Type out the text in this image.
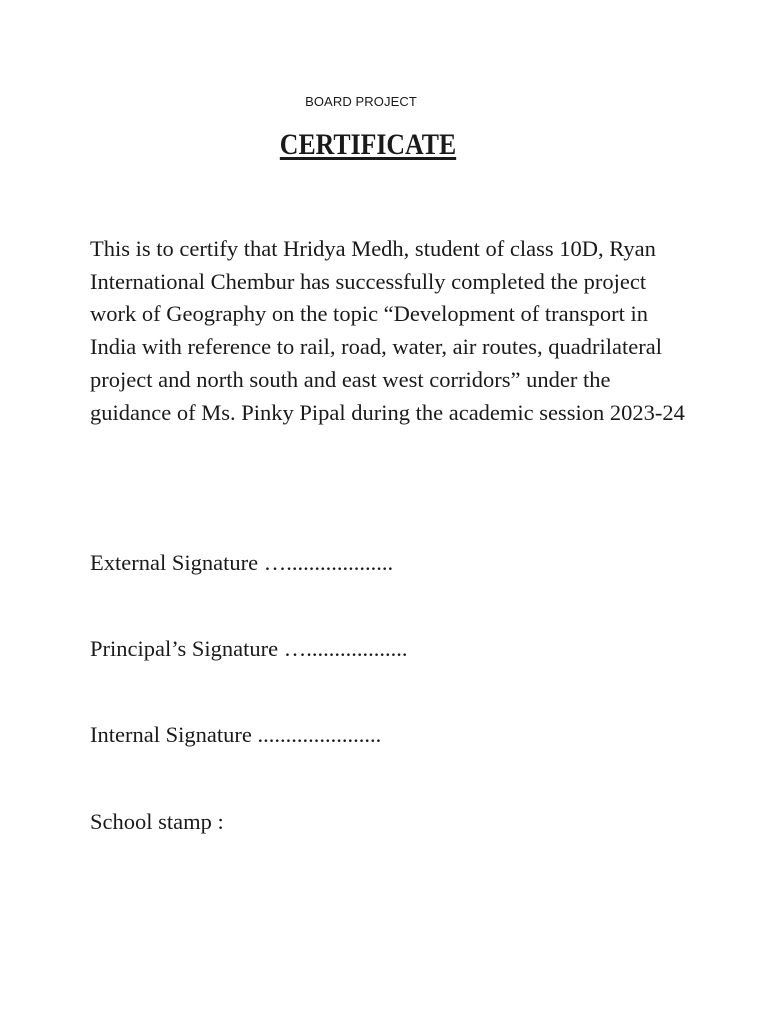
BOARD PROJECT
CERTIFICATE

This is to certify that Hridya Medh, student of class 10D, Ryan International Chembur has successfully completed the project work of Geography on the topic “Development of transport in India with reference to rail, road, water, air routes, quadrilateral project and north south and east west corridors” under the guidance of Ms. Pinky Pipal during the academic session 2023-24

External Signature …...................
Principal’s Signature …..................
Internal Signature ......................
School stamp :
